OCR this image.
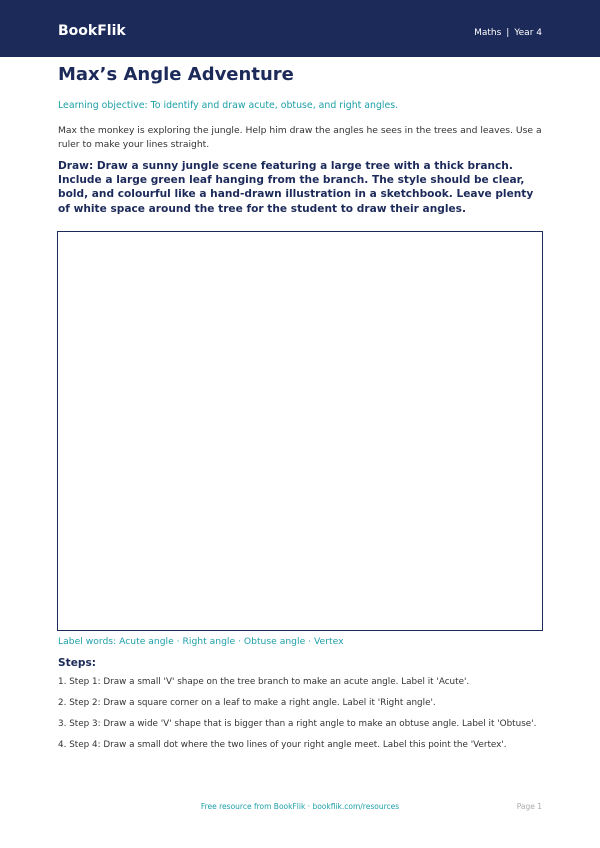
BookFlik	Maths | Year 4
Max’s Angle Adventure
Learning objective: To identify and draw acute, obtuse, and right angles.

Max the monkey is exploring the jungle. Help him draw the angles he sees in the trees and leaves. Use a ruler to make your lines straight.

Draw: Draw a sunny jungle scene featuring a large tree with a thick branch. Include a large green leaf hanging from the branch. The style should be clear, bold, and colourful like a hand-drawn illustration in a sketchbook. Leave plenty of white space around the tree for the student to draw their angles.

Label words: Acute angle · Right angle · Obtuse angle · Vertex
Steps:
1. Step 1: Draw a small 'V' shape on the tree branch to make an acute angle. Label it 'Acute'.
2. Step 2: Draw a square corner on a leaf to make a right angle. Label it 'Right angle'.
3. Step 3: Draw a wide 'V' shape that is bigger than a right angle to make an obtuse angle. Label it 'Obtuse'.
4. Step 4: Draw a small dot where the two lines of your right angle meet. Label this point the 'Vertex'.
Free resource from BookFlik · bookflik.com/resources	Page 1
